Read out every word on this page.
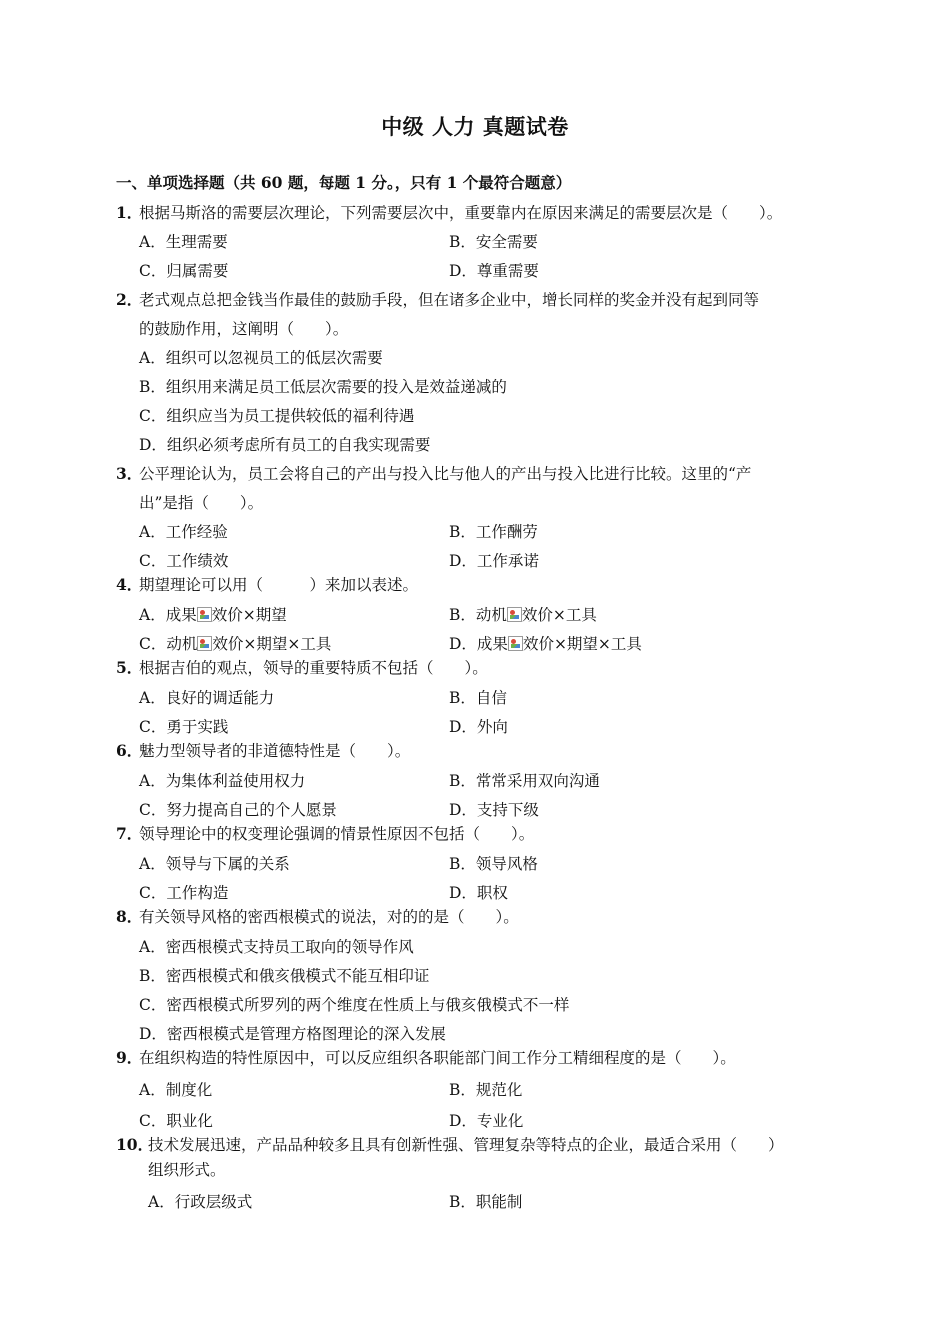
中级 人力 真题试卷
一、单项选择题（共 60 题，每题 1 分。，只有 1 个最符合题意）
1．
根据马斯洛的需要层次理论，下列需要层次中，重要靠内在原因来满足的需要层次是（　　）。
A．生理需要	B．安全需要
C．归属需要	D．尊重需要
2．
老式观点总把金钱当作最佳的鼓励手段，但在诸多企业中，增长同样的奖金并没有起到同等
的鼓励作用，这阐明（　　）。
A．组织可以忽视员工的低层次需要
B．组织用来满足员工低层次需要的投入是效益递减的
C．组织应当为员工提供较低的福利待遇
D．组织必须考虑所有员工的自我实现需要
3．
公平理论认为，员工会将自己的产出与投入比与他人的产出与投入比进行比较。这里的“产
出”是指（　　）。
A．工作经验	B．工作酬劳
C．工作绩效	D．工作承诺
4．
期望理论可以用（　　　）来加以表述。
A．成果 效价×期望	B．动机 效价×工具
C．动机 效价×期望×工具	D．成果 效价×期望×工具
5．
根据吉伯的观点，领导的重要特质不包括（　　）。
A．良好的调适能力	B．自信
C．勇于实践	D．外向
6．
魅力型领导者的非道德特性是（　　）。
A．为集体利益使用权力	B．常常采用双向沟通
C．努力提高自己的个人愿景	D．支持下级
7．
领导理论中的权变理论强调的情景性原因不包括（　　）。
A．领导与下属的关系	B．领导风格
C．工作构造	D．职权
8．
有关领导风格的密西根模式的说法，对的的是（　　）。
A．密西根模式支持员工取向的领导作风
B．密西根模式和俄亥俄模式不能互相印证
C．密西根模式所罗列的两个维度在性质上与俄亥俄模式不一样
D．密西根模式是管理方格图理论的深入发展
9．
在组织构造的特性原因中，可以反应组织各职能部门间工作分工精细程度的是（　　）。
A．制度化	B．规范化
C．职业化	D．专业化
10．
技术发展迅速，产品品种较多且具有创新性强、管理复杂等特点的企业，最适合采用（　　）
组织形式。
A．行政层级式	B．职能制
